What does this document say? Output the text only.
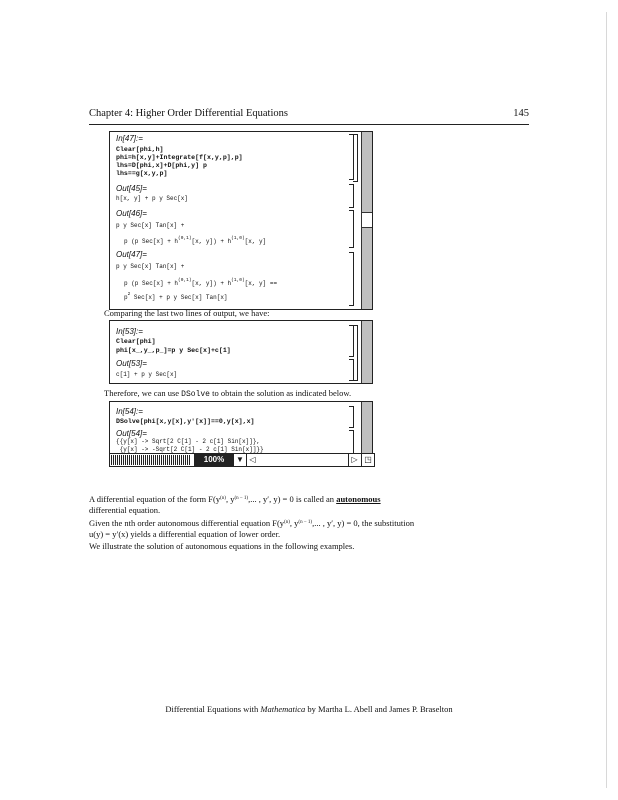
Chapter 4: Higher Order Differential Equations	145
In[47]:=
Clear[phi,h]
phi=h[x,y]+Integrate[f[x,y,p],p]
lhs=D[phi,x]+D[phi,y] p
lhs==g[x,y,p]
Out[45]=
h[x, y] + p y Sec[x]
Out[46]=
p y Sec[x] Tan[x] +
p (p $Sec[x] + h^{(0,1)}[x$, $y]) + h^{(1,0)}[x$, y]
Out[47]=
p y Sec[x] Tan[x] +
p (p $Sec[x] + h^{(0,1)}[x$, $y]) + h^{(1,0)}[x$, y] ==
$p^2$ Sec[x] + p y Sec[x] Tan[x]
Comparing the last two lines of output, we have:
In[53]:=
Clear[phi]
phi[x_,y_,p_]=p y Sec[x]+c[1]
Out[53]=
c[1] + p y Sec[x]
Therefore, we can use DSolve to obtain the solution as indicated below.
In[54]:=
DSolve[phi[x,y[x],y'[x]]==0,y[x],x]
Out[54]=
{{y[x] -> Sqrt[2 C[1] - 2 c[1] Sin[x]]},
{y[x] -> -Sqrt[2 C[1] - 2 c[1] Sin[x]]}}
100%	▼ ◁	▷ ◳
A differential equation of the form $F(y^{(n)}$, $y^{(n - 1)}$,... , y′, y) = 0 is called an autonomous
differential equation.
Given the nth order autonomous differential equation $F(y^{(n)}$, $y^{(n - 1)}$,... , y′, y) = 0, the substitution
u(y) = y′(x) yields a differential equation of lower order.
We illustrate the solution of autonomous equations in the following examples.
Differential Equations with Mathematica by Martha L. Abell and James P. Braselton
